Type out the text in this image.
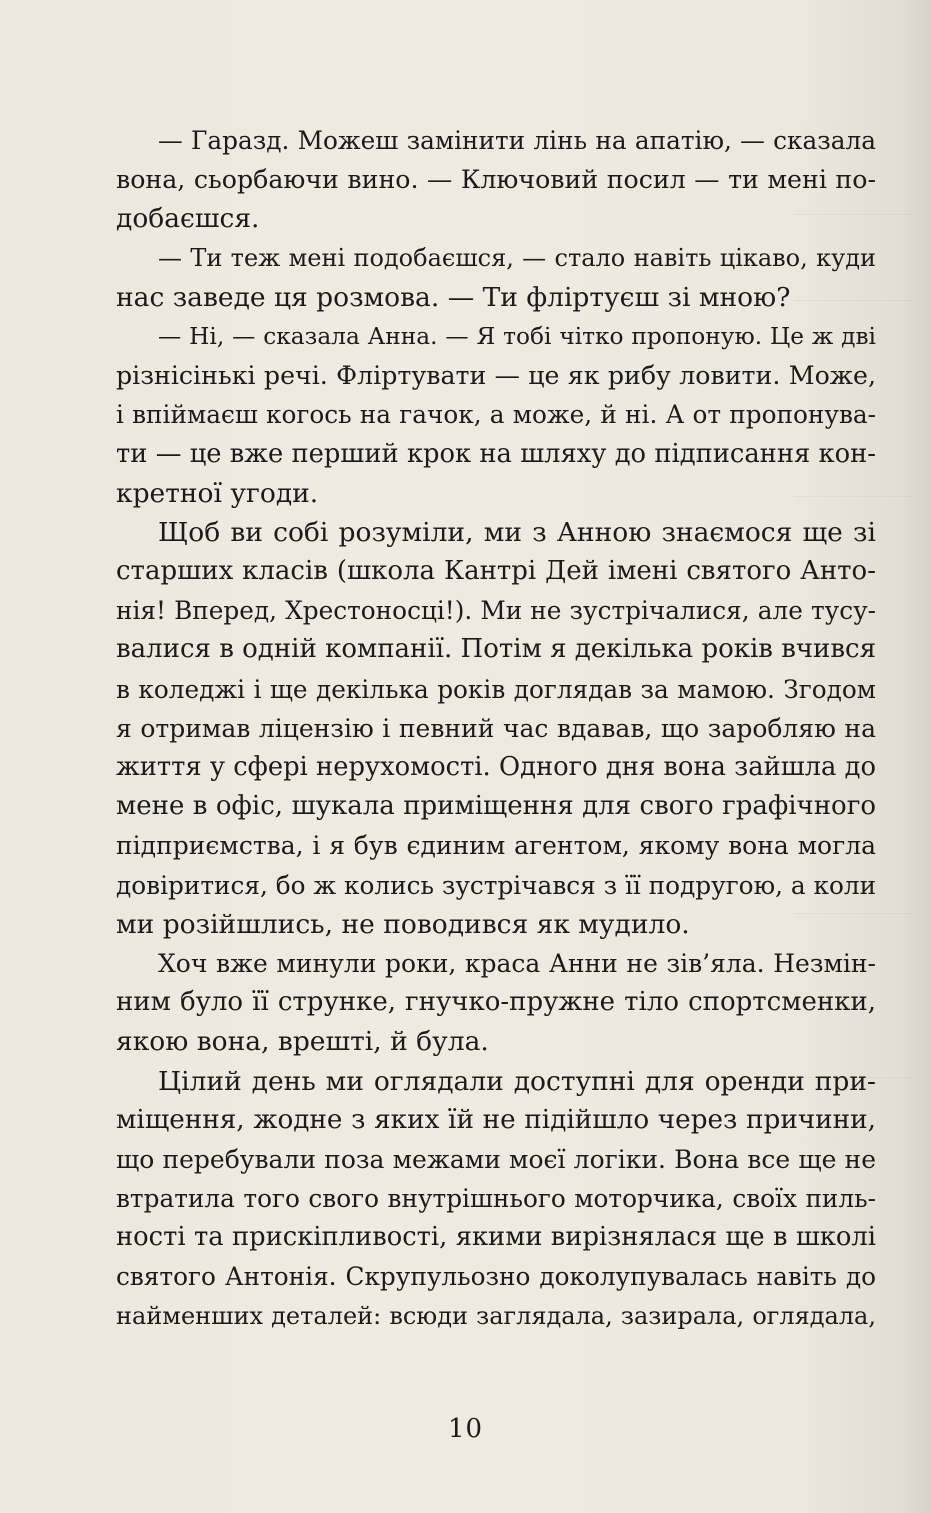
— Гаразд. Можеш замінити лінь на апатію, — сказала
вона, сьорбаючи вино. — Ключовий посил — ти мені по-
добаєшся.
— Ти теж мені подобаєшся, — стало навіть цікаво, куди
нас заведе ця розмова. — Ти фліртуєш зі мною?
— Ні, — сказала Анна. — Я тобі чітко пропоную. Це ж дві
різнісінькі речі. Фліртувати — це як рибу ловити. Може,
і впіймаєш когось на гачок, а може, й ні. А от пропонува-
ти — це вже перший крок на шляху до підписання кон-
кретної угоди.
Щоб ви собі розуміли, ми з Анною знаємося ще зі
старших класів (школа Кантрі Дей імені святого Антo-
нія! Вперед, Хрестоносці!). Ми не зустрічалися, але тусу-
валися в одній компанії. Потім я декілька років вчився
в коледжі і ще декілька років доглядав за мамою. Згодом
я отримав ліцензію і певний час вдавав, що заробляю на
життя у сфері нерухомості. Одного дня вона зайшла до
мене в офіс, шукала приміщення для свого графічного
підприємства, і я був єдиним агентом, якому вона могла
довіритися, бо ж колись зустрічався з її подругою, а коли
ми розійшлись, не поводився як мудило.
Хоч вже минули роки, краса Анни не зів’яла. Незмін-
ним було її струнке, гнучко-пружне тіло спортсменки,
якою вона, врешті, й була.
Цілий день ми оглядали доступні для оренди при-
міщення, жодне з яких їй не підійшло через причини,
що перебували поза межами моєї логіки. Вона все ще не
втратила того свого внутрішнього моторчика, своїх пиль-
ності та прискіпливості, якими вирізнялася ще в школі
святого Антонія. Скрупульозно доколупувалась навіть до
найменших деталей: всюди заглядала, зазирала, оглядала,
10
